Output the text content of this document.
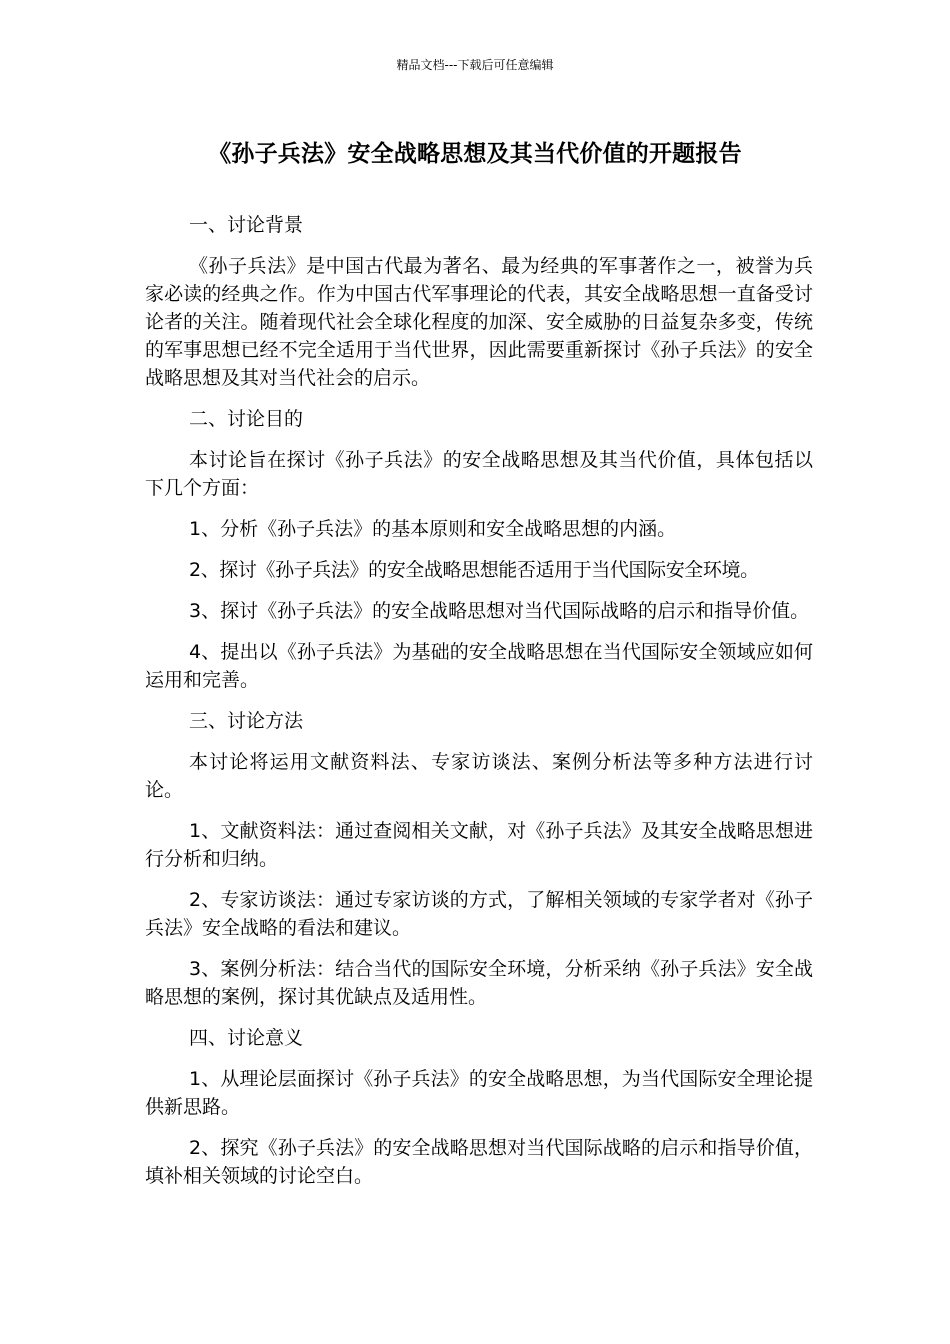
精品文档---下载后可任意编辑
《孙子兵法》安全战略思想及其当代价值的开题报告

一、讨论背景

《孙子兵法》是中国古代最为著名、最为经典的军事著作之一，被誉为兵家必读的经典之作。作为中国古代军事理论的代表，其安全战略思想一直备受讨论者的关注。随着现代社会全球化程度的加深、安全威胁的日益复杂多变，传统的军事思想已经不完全适用于当代世界，因此需要重新探讨《孙子兵法》的安全战略思想及其对当代社会的启示。

二、讨论目的

本讨论旨在探讨《孙子兵法》的安全战略思想及其当代价值，具体包括以下几个方面：

1、分析《孙子兵法》的基本原则和安全战略思想的内涵。

2、探讨《孙子兵法》的安全战略思想能否适用于当代国际安全环境。

3、探讨《孙子兵法》的安全战略思想对当代国际战略的启示和指导价值。

4、提出以《孙子兵法》为基础的安全战略思想在当代国际安全领域应如何运用和完善。

三、讨论方法

本讨论将运用文献资料法、专家访谈法、案例分析法等多种方法进行讨论。

1、文献资料法：通过查阅相关文献，对《孙子兵法》及其安全战略思想进行分析和归纳。

2、专家访谈法：通过专家访谈的方式，了解相关领域的专家学者对《孙子兵法》安全战略的看法和建议。

3、案例分析法：结合当代的国际安全环境，分析采纳《孙子兵法》安全战略思想的案例，探讨其优缺点及适用性。

四、讨论意义

1、从理论层面探讨《孙子兵法》的安全战略思想，为当代国际安全理论提供新思路。

2、探究《孙子兵法》的安全战略思想对当代国际战略的启示和指导价值，填补相关领域的讨论空白。
